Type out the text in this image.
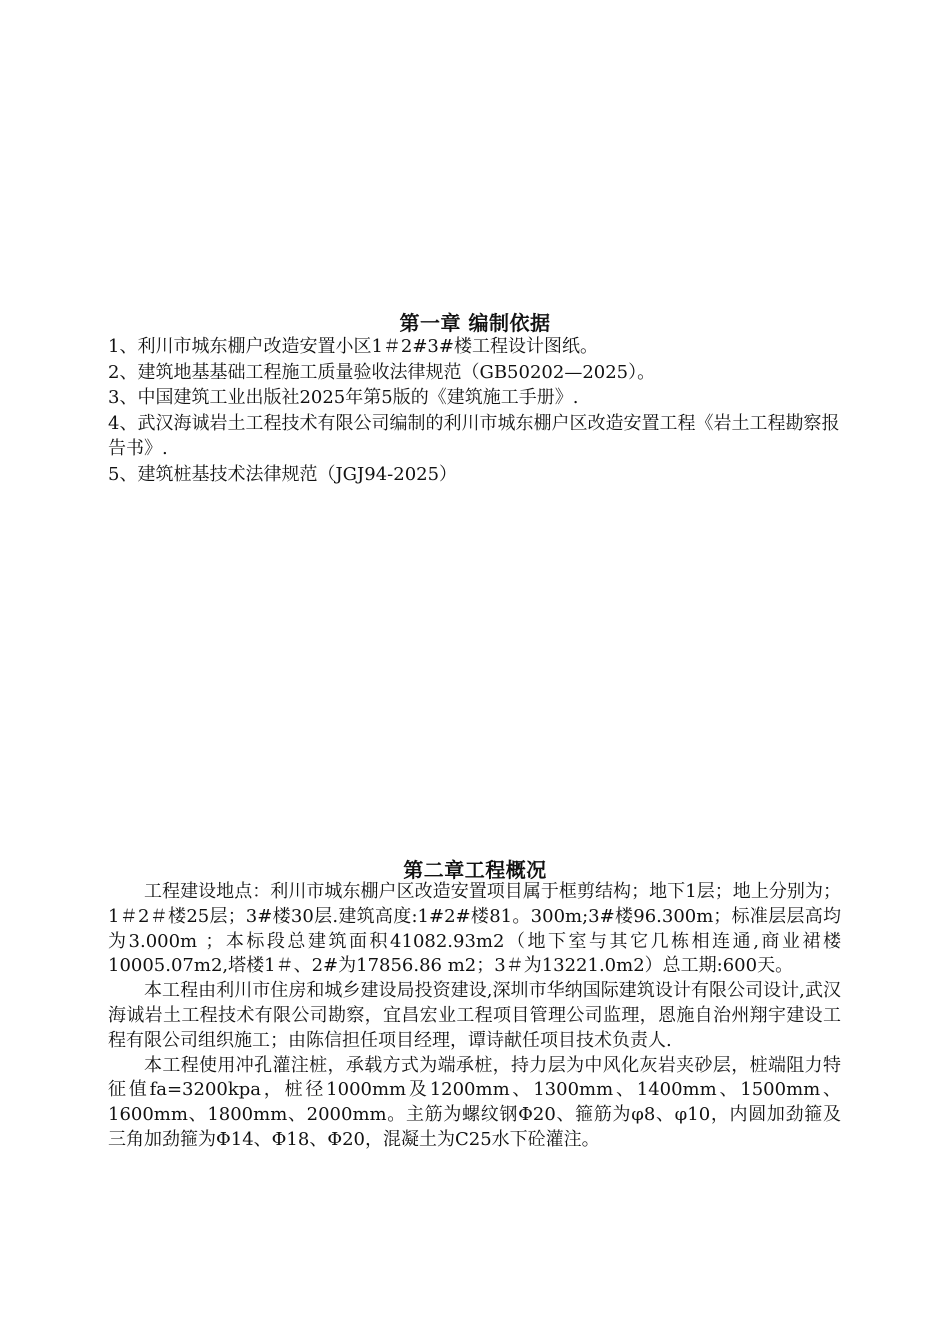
第一章 编制依据
1、利川市城东棚户改造安置小区1＃2#3#楼工程设计图纸。
2、建筑地基基础工程施工质量验收法律规范（GB50202—2025）。
3、中国建筑工业出版社2025年第5版的《建筑施工手册》.
4、武汉海诚岩土工程技术有限公司编制的利川市城东棚户区改造安置工程《岩土工程勘察报告书》.
5、建筑桩基技术法律规范（JGJ94-2025）
第二章工程概况

工程建设地点：利川市城东棚户区改造安置项目属于框剪结构；地下1层；地上分别为；1＃2＃楼25层；3#楼30层.建筑高度:1#2#楼81。300m;3#楼96.300m；标准层层高均为3.000m ；本标段总建筑面积41082.93m2（地下室与其它几栋相连通,商业裙楼10005.07m2,塔楼1＃、2#为17856.86 m2；3＃为13221.0m2）总工期:600天。

本工程由利川市住房和城乡建设局投资建设,深圳市华纳国际建筑设计有限公司设计,武汉海诚岩土工程技术有限公司勘察，宜昌宏业工程项目管理公司监理，恩施自治州翔宇建设工程有限公司组织施工；由陈信担任项目经理，谭诗献任项目技术负责人.

本工程使用冲孔灌注桩，承载方式为端承桩，持力层为中风化灰岩夹砂层，桩端阻力特征值fa=3200kpa，桩径1000mm及1200mm、1300mm、1400mm、1500mm、1600mm、1800mm、2000mm。主筋为螺纹钢Φ20、箍筋为φ8、φ10，内圆加劲箍及三角加劲箍为Φ14、Φ18、Φ20，混凝土为C25水下砼灌注。
